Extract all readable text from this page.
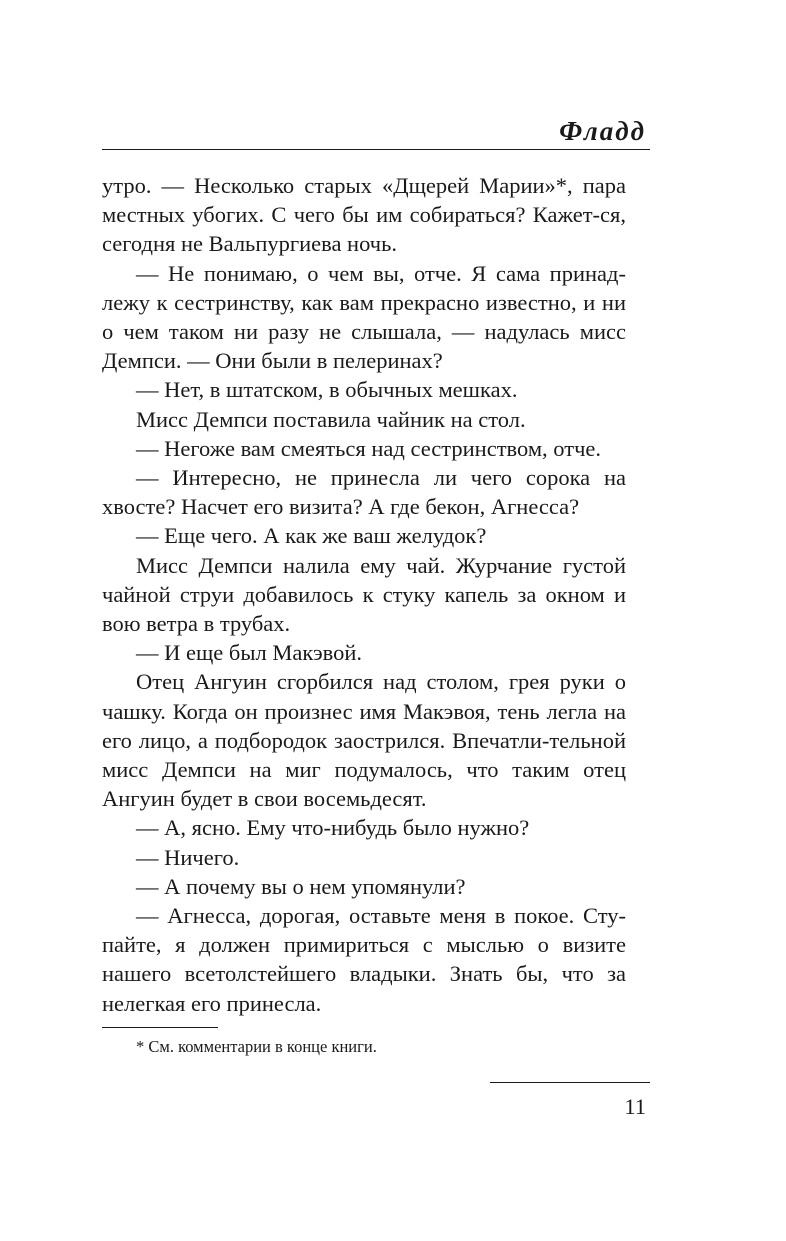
Фладд

утро. — Несколько старых «Дщерей Марии»*, пара местных убогих. С чего бы им собираться? Кажет-ся, сегодня не Вальпургиева ночь.

— Не понимаю, о чем вы, отче. Я сама принад-лежу к сестринству, как вам прекрасно известно, и ни о чем таком ни разу не слышала, — надулась мисс Демпси. — Они были в пелеринах?

— Нет, в штатском, в обычных мешках.

Мисс Демпси поставила чайник на стол.

— Негоже вам смеяться над сестринством, отче.

— Интересно, не принесла ли чего сорока на хвосте? Насчет его визита? А где бекон, Агнесса?

— Еще чего. А как же ваш желудок?

Мисс Демпси налила ему чай. Журчание густой чайной струи добавилось к стуку капель за окном и вою ветра в трубах.

— И еще был Макэвой.

Отец Ангуин сгорбился над столом, грея руки о чашку. Когда он произнес имя Макэвоя, тень легла на его лицо, а подбородок заострился. Впечатли-тельной мисс Демпси на миг подумалось, что таким отец Ангуин будет в свои восемьдесят.

— А, ясно. Ему что-нибудь было нужно?

— Ничего.

— А почему вы о нем упомянули?

— Агнесса, дорогая, оставьте меня в покое. Сту-пайте, я должен примириться с мыслью о визите нашего всетолстейшего владыки. Знать бы, что за нелегкая его принесла.

* См. комментарии в конце книги.

11
